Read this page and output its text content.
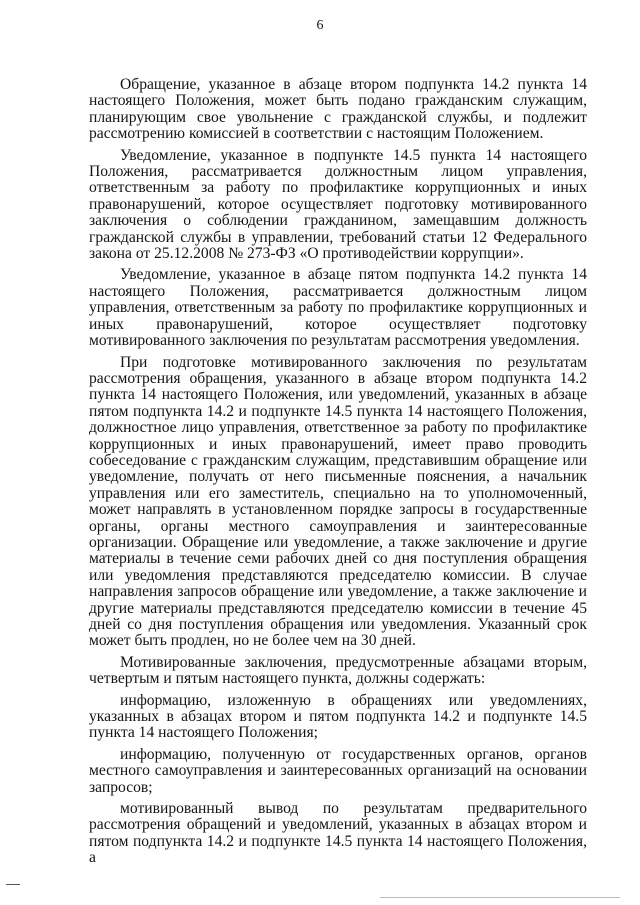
6

Обращение, указанное в абзаце втором подпункта 14.2 пункта 14 настоящего Положения, может быть подано гражданским служащим, планирующим свое увольнение с гражданской службы, и подлежит рассмотрению комиссией в соответствии с настоящим Положением.

Уведомление, указанное в подпункте 14.5 пункта 14 настоящего Положения, рассматривается должностным лицом управления, ответственным за работу по профилактике коррупционных и иных правонарушений, которое осуществляет подготовку мотивированного заключения о соблюдении гражданином, замещавшим должность гражданской службы в управлении, требований статьи 12 Федерального закона от 25.12.2008 № 273-ФЗ «О противодействии коррупции».

Уведомление, указанное в абзаце пятом подпункта 14.2 пункта 14 настоящего Положения, рассматривается должностным лицом управления, ответственным за работу по профилактике коррупционных и иных правонарушений, которое осуществляет подготовку мотивированного заключения по результатам рассмотрения уведомления.

При подготовке мотивированного заключения по результатам рассмотрения обращения, указанного в абзаце втором подпункта 14.2 пункта 14 настоящего Положения, или уведомлений, указанных в абзаце пятом подпункта 14.2 и подпункте 14.5 пункта 14 настоящего Положения, должностное лицо управления, ответственное за работу по профилактике коррупционных и иных правонарушений, имеет право проводить собеседование с гражданским служащим, представившим обращение или уведомление, получать от него письменные пояснения, а начальник управления или его заместитель, специально на то уполномоченный, может направлять в установленном порядке запросы в государственные органы, органы местного самоуправления и заинтересованные организации. Обращение или уведомление, а также заключение и другие материалы в течение семи рабочих дней со дня поступления обращения или уведомления представляются председателю комиссии. В случае направления запросов обращение или уведомление, а также заключение и другие материалы представляются председателю комиссии в течение 45 дней со дня поступления обращения или уведомления. Указанный срок может быть продлен, но не более чем на 30 дней.

Мотивированные заключения, предусмотренные абзацами вторым, четвертым и пятым настоящего пункта, должны содержать:

информацию, изложенную в обращениях или уведомлениях, указанных в абзацах втором и пятом подпункта 14.2 и подпункте 14.5 пункта 14 настоящего Положения;

информацию, полученную от государственных органов, органов местного самоуправления и заинтересованных организаций на основании запросов;

мотивированный вывод по результатам предварительного рассмотрения обращений и уведомлений, указанных в абзацах втором и пятом подпункта 14.2 и подпункте 14.5 пункта 14 настоящего Положения, а
